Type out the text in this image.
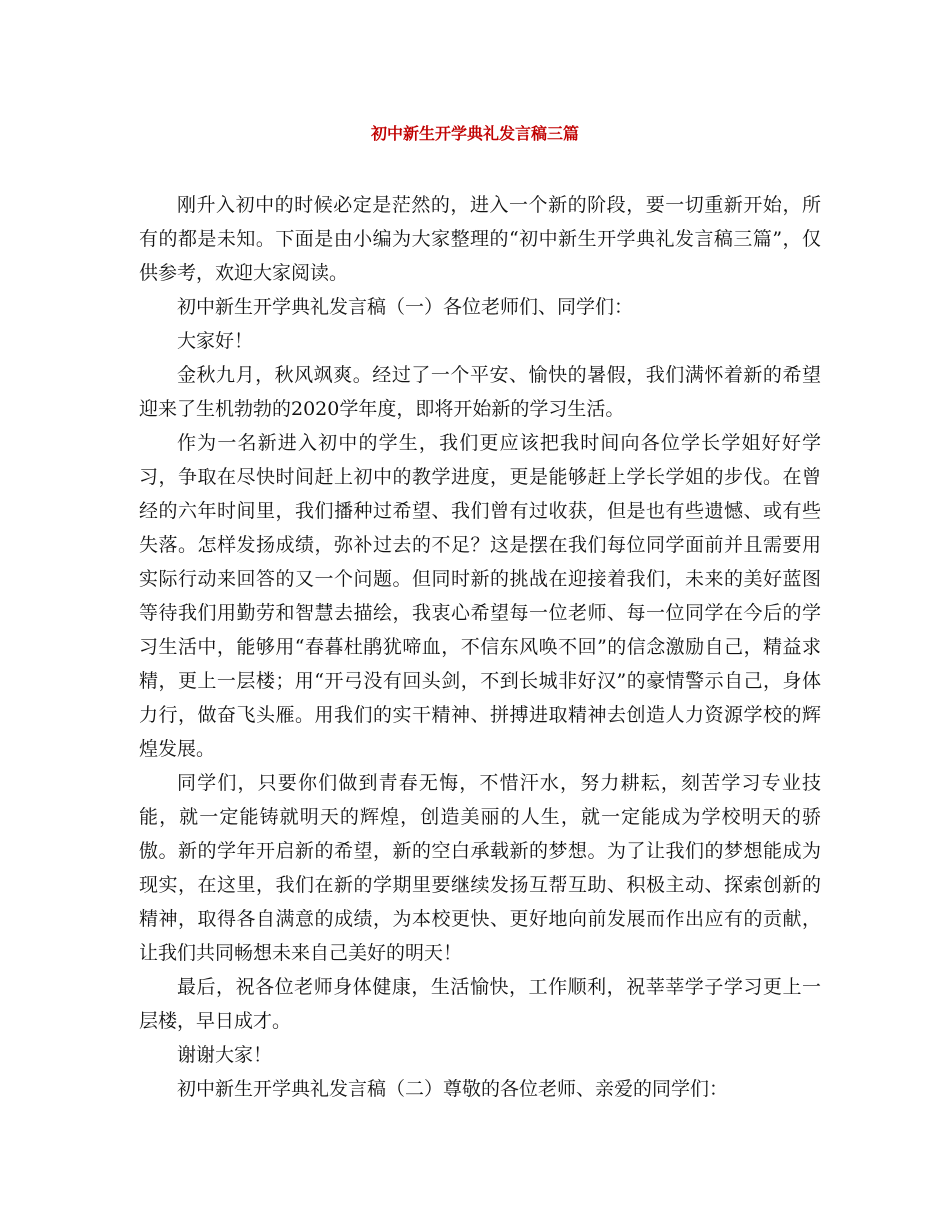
初中新生开学典礼发言稿三篇

刚升入初中的时候必定是茫然的，进入一个新的阶段，要一切重新开始，所有的都是未知。下面是由小编为大家整理的“初中新生开学典礼发言稿三篇”，仅供参考，欢迎大家阅读。

初中新生开学典礼发言稿（一）各位老师们、同学们：

大家好！

金秋九月，秋风飒爽。经过了一个平安、愉快的暑假，我们满怀着新的希望迎来了生机勃勃的2020学年度，即将开始新的学习生活。

作为一名新进入初中的学生，我们更应该把我时间向各位学长学姐好好学习，争取在尽快时间赶上初中的教学进度，更是能够赶上学长学姐的步伐。在曾经的六年时间里，我们播种过希望、我们曾有过收获，但是也有些遗憾、或有些失落。怎样发扬成绩，弥补过去的不足？这是摆在我们每位同学面前并且需要用实际行动来回答的又一个问题。但同时新的挑战在迎接着我们，未来的美好蓝图等待我们用勤劳和智慧去描绘，我衷心希望每一位老师、每一位同学在今后的学习生活中，能够用“春暮杜鹃犹啼血，不信东风唤不回”的信念激励自己，精益求精，更上一层楼；用“开弓没有回头剑，不到长城非好汉”的豪情警示自己，身体力行，做奋飞头雁。用我们的实干精神、拼搏进取精神去创造人力资源学校的辉煌发展。

同学们，只要你们做到青春无悔，不惜汗水，努力耕耘，刻苦学习专业技能，就一定能铸就明天的辉煌，创造美丽的人生，就一定能成为学校明天的骄傲。新的学年开启新的希望，新的空白承载新的梦想。为了让我们的梦想能成为现实，在这里，我们在新的学期里要继续发扬互帮互助、积极主动、探索创新的精神，取得各自满意的成绩，为本校更快、更好地向前发展而作出应有的贡献，让我们共同畅想未来自己美好的明天！

最后，祝各位老师身体健康，生活愉快，工作顺利，祝莘莘学子学习更上一层楼，早日成才。

谢谢大家！

初中新生开学典礼发言稿（二）尊敬的各位老师、亲爱的同学们：
